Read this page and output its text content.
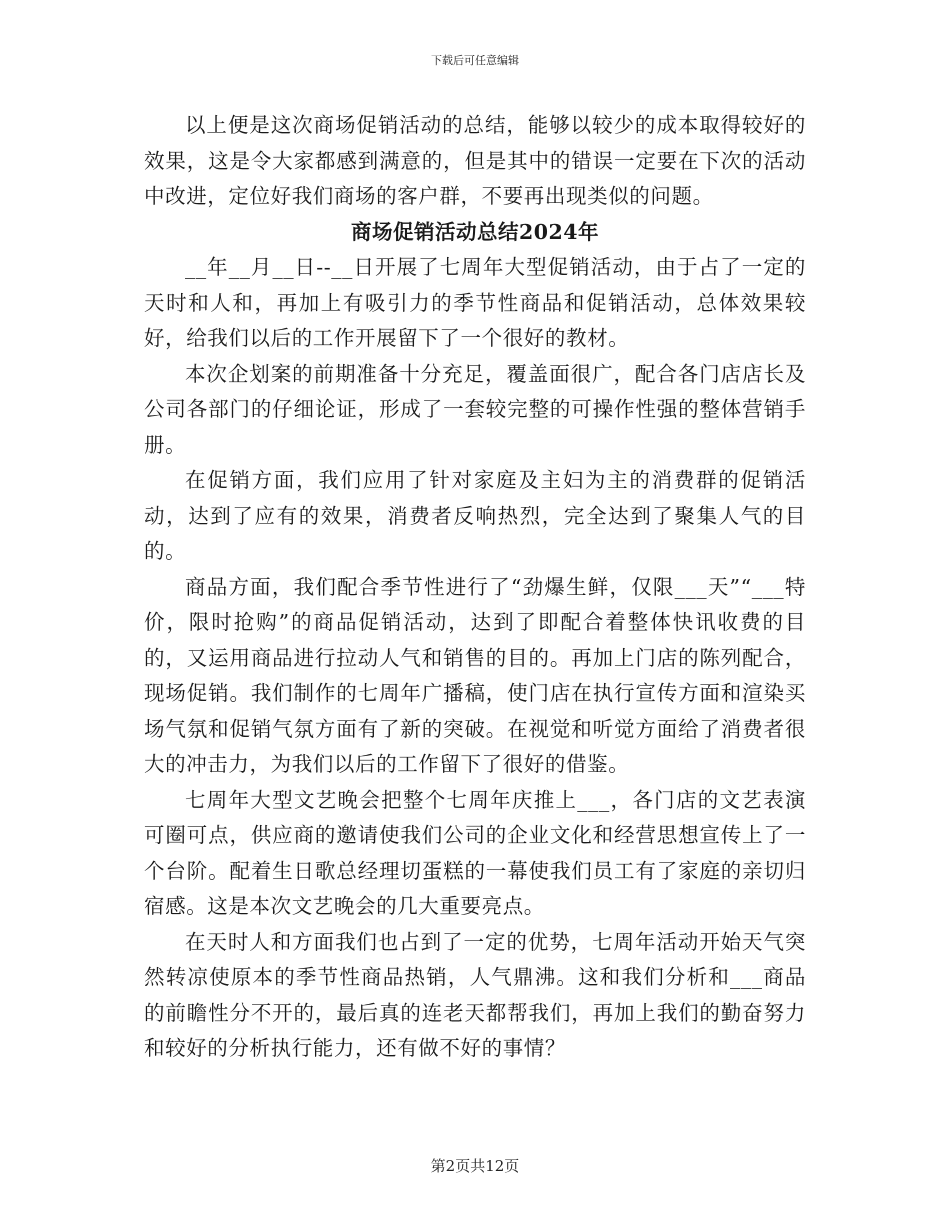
下载后可任意编辑

以上便是这次商场促销活动的总结，能够以较少的成本取得较好的效果，这是令大家都感到满意的，但是其中的错误一定要在下次的活动中改进，定位好我们商场的客户群，不要再出现类似的问题。

商场促销活动总结2024年

__年__月__日--__日开展了七周年大型促销活动，由于占了一定的天时和人和，再加上有吸引力的季节性商品和促销活动，总体效果较好，给我们以后的工作开展留下了一个很好的教材。

本次企划案的前期准备十分充足，覆盖面很广，配合各门店店长及公司各部门的仔细论证，形成了一套较完整的可操作性强的整体营销手册。

在促销方面，我们应用了针对家庭及主妇为主的消费群的促销活动，达到了应有的效果，消费者反响热烈，完全达到了聚集人气的目的。

商品方面，我们配合季节性进行了“劲爆生鲜，仅限___天”“___特价，限时抢购”的商品促销活动，达到了即配合着整体快讯收费的目的，又运用商品进行拉动人气和销售的目的。再加上门店的陈列配合，现场促销。我们制作的七周年广播稿，使门店在执行宣传方面和渲染买场气氛和促销气氛方面有了新的突破。在视觉和听觉方面给了消费者很大的冲击力，为我们以后的工作留下了很好的借鉴。

七周年大型文艺晚会把整个七周年庆推上___，各门店的文艺表演可圈可点，供应商的邀请使我们公司的企业文化和经营思想宣传上了一个台阶。配着生日歌总经理切蛋糕的一幕使我们员工有了家庭的亲切归宿感。这是本次文艺晚会的几大重要亮点。

在天时人和方面我们也占到了一定的优势，七周年活动开始天气突然转凉使原本的季节性商品热销，人气鼎沸。这和我们分析和___商品的前瞻性分不开的，最后真的连老天都帮我们，再加上我们的勤奋努力和较好的分析执行能力，还有做不好的事情？

第2页共12页
